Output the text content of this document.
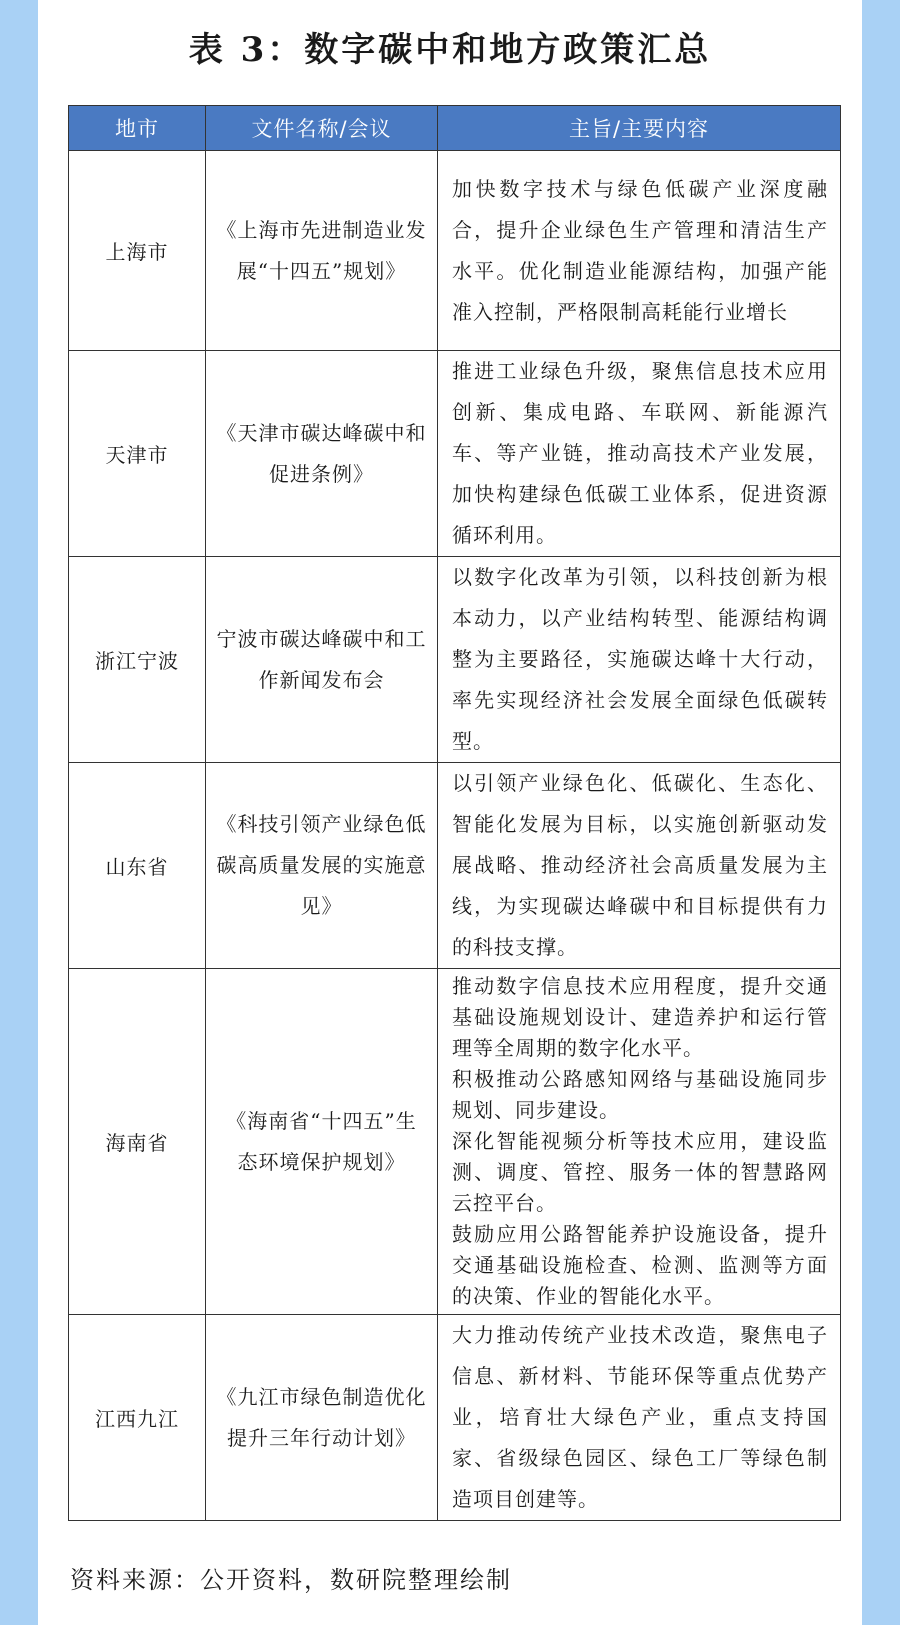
表 3：数字碳中和地方政策汇总
地市	文件名称/会议	主旨/主要内容
上海市	《上海市先进制造业发展“十四五”规划》	加快数字技术与绿色低碳产业深度融合，提升企业绿色生产管理和清洁生产水平。优化制造业能源结构，加强产能准入控制，严格限制高耗能行业增长

天津市	《天津市碳达峰碳中和促进条例》	推进工业绿色升级，聚焦信息技术应用创新、集成电路、车联网、新能源汽车、等产业链，推动高技术产业发展，加快构建绿色低碳工业体系，促进资源循环利用。

浙江宁波	宁波市碳达峰碳中和工作新闻发布会	以数字化改革为引领，以科技创新为根本动力，以产业结构转型、能源结构调整为主要路径，实施碳达峰十大行动，率先实现经济社会发展全面绿色低碳转型。

山东省	《科技引领产业绿色低碳高质量发展的实施意见》	以引领产业绿色化、低碳化、生态化、智能化发展为目标，以实施创新驱动发展战略、推动经济社会高质量发展为主线，为实现碳达峰碳中和目标提供有力的科技支撑。

海南省	《海南省“十四五”生态环境保护规划》	推动数字信息技术应用程度，提升交通基础设施规划设计、建造养护和运行管理等全周期的数字化水平。

积极推动公路感知网络与基础设施同步规划、同步建设。

深化智能视频分析等技术应用，建设监测、调度、管控、服务一体的智慧路网云控平台。

鼓励应用公路智能养护设施设备，提升交通基础设施检查、检测、监测等方面的决策、作业的智能化水平。

江西九江	《九江市绿色制造优化提升三年行动计划》	大力推动传统产业技术改造，聚焦电子信息、新材料、节能环保等重点优势产业，培育壮大绿色产业，重点支持国家、省级绿色园区、绿色工厂等绿色制造项目创建等。

资料来源：公开资料，数研院整理绘制
